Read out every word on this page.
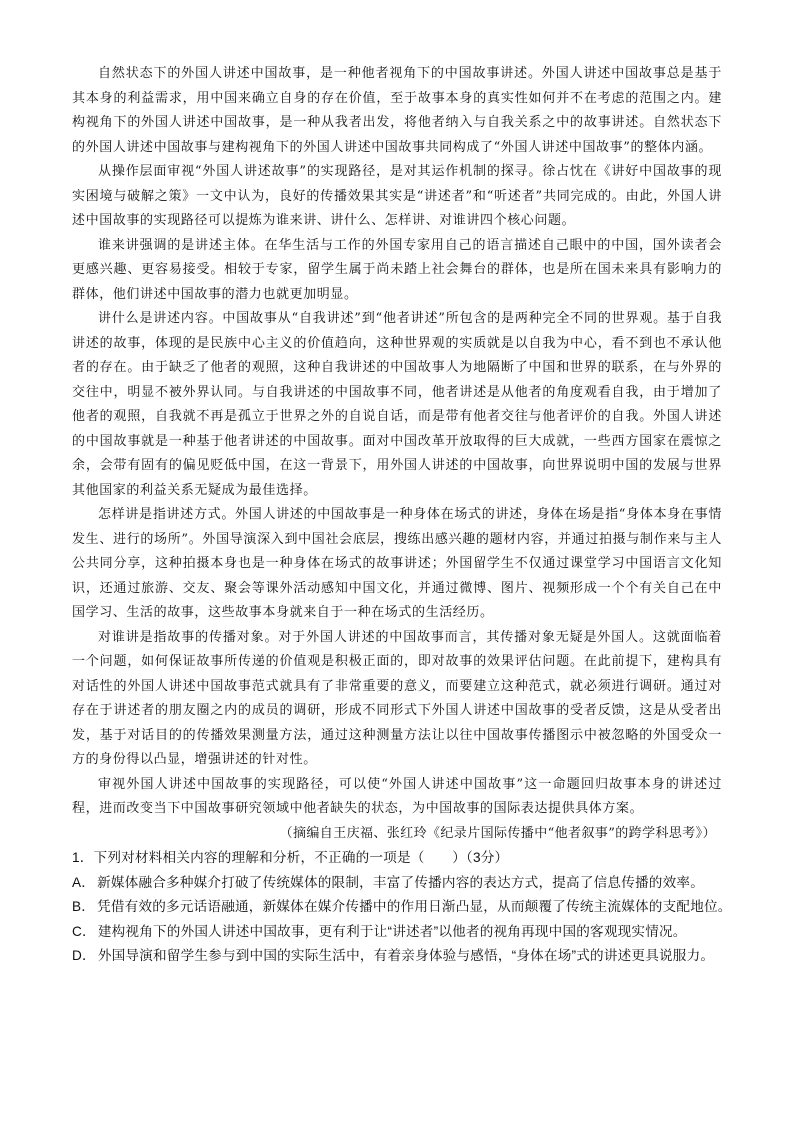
自然状态下的外国人讲述中国故事，是一种他者视角下的中国故事讲述。外国人讲述中国故事总是基于其本身的利益需求，用中国来确立自身的存在价值，至于故事本身的真实性如何并不在考虑的范围之内。建构视角下的外国人讲述中国故事，是一种从我者出发，将他者纳入与自我关系之中的故事讲述。自然状态下的外国人讲述中国故事与建构视角下的外国人讲述中国故事共同构成了“外国人讲述中国故事”的整体内涵。

从操作层面审视“外国人讲述故事”的实现路径，是对其运作机制的探寻。徐占忱在《讲好中国故事的现实困境与破解之策》一文中认为，良好的传播效果其实是“讲述者”和“听述者”共同完成的。由此，外国人讲述中国故事的实现路径可以提炼为谁来讲、讲什么、怎样讲、对谁讲四个核心问题。

谁来讲强调的是讲述主体。在华生活与工作的外国专家用自己的语言描述自己眼中的中国，国外读者会更感兴趣、更容易接受。相较于专家，留学生属于尚未踏上社会舞台的群体，也是所在国未来具有影响力的群体，他们讲述中国故事的潜力也就更加明显。

讲什么是讲述内容。中国故事从“自我讲述”到“他者讲述”所包含的是两种完全不同的世界观。基于自我讲述的故事，体现的是民族中心主义的价值趋向，这种世界观的实质就是以自我为中心，看不到也不承认他者的存在。由于缺乏了他者的观照，这种自我讲述的中国故事人为地隔断了中国和世界的联系，在与外界的交往中，明显不被外界认同。与自我讲述的中国故事不同，他者讲述是从他者的角度观看自我，由于增加了他者的观照，自我就不再是孤立于世界之外的自说自话，而是带有他者交往与他者评价的自我。外国人讲述的中国故事就是一种基于他者讲述的中国故事。面对中国改革开放取得的巨大成就，一些西方国家在震惊之余，会带有固有的偏见贬低中国，在这一背景下，用外国人讲述的中国故事，向世界说明中国的发展与世界其他国家的利益关系无疑成为最佳选择。

怎样讲是指讲述方式。外国人讲述的中国故事是一种身体在场式的讲述，身体在场是指“身体本身在事情发生、进行的场所”。外国导演深入到中国社会底层，搜练出感兴趣的题材内容，并通过拍摄与制作来与主人公共同分享，这种拍摄本身也是一种身体在场式的故事讲述；外国留学生不仅通过课堂学习中国语言文化知识，还通过旅游、交友、聚会等课外活动感知中国文化，并通过微博、图片、视频形成一个个有关自己在中国学习、生活的故事，这些故事本身就来自于一种在场式的生活经历。

对谁讲是指故事的传播对象。对于外国人讲述的中国故事而言，其传播对象无疑是外国人。这就面临着一个问题，如何保证故事所传递的价值观是积极正面的，即对故事的效果评估问题。在此前提下，建构具有对话性的外国人讲述中国故事范式就具有了非常重要的意义，而要建立这种范式，就必须进行调研。通过对存在于讲述者的朋友圈之内的成员的调研，形成不同形式下外国人讲述中国故事的受者反馈，这是从受者出发，基于对话目的的传播效果测量方法，通过这种测量方法让以往中国故事传播图示中被忽略的外国受众一方的身份得以凸显，增强讲述的针对性。

审视外国人讲述中国故事的实现路径，可以使“外国人讲述中国故事”这一命题回归故事本身的讲述过程，进而改变当下中国故事研究领域中他者缺失的状态，为中国故事的国际表达提供具体方案。

（摘编自王庆福、张红玲《纪录片国际传播中“他者叙事”的跨学科思考》）

1．下列对材料相关内容的理解和分析，不正确的一项是（　　）（3分）

A． 新媒体融合多种媒介打破了传统媒体的限制，丰富了传播内容的表达方式，提高了信息传播的效率。

B． 凭借有效的多元话语融通，新媒体在媒介传播中的作用日渐凸显，从而颠覆了传统主流媒体的支配地位。

C． 建构视角下的外国人讲述中国故事，更有利于让“讲述者”以他者的视角再现中国的客观现实情况。

D． 外国导演和留学生参与到中国的实际生活中，有着亲身体验与感悟，“身体在场”式的讲述更具说服力。
